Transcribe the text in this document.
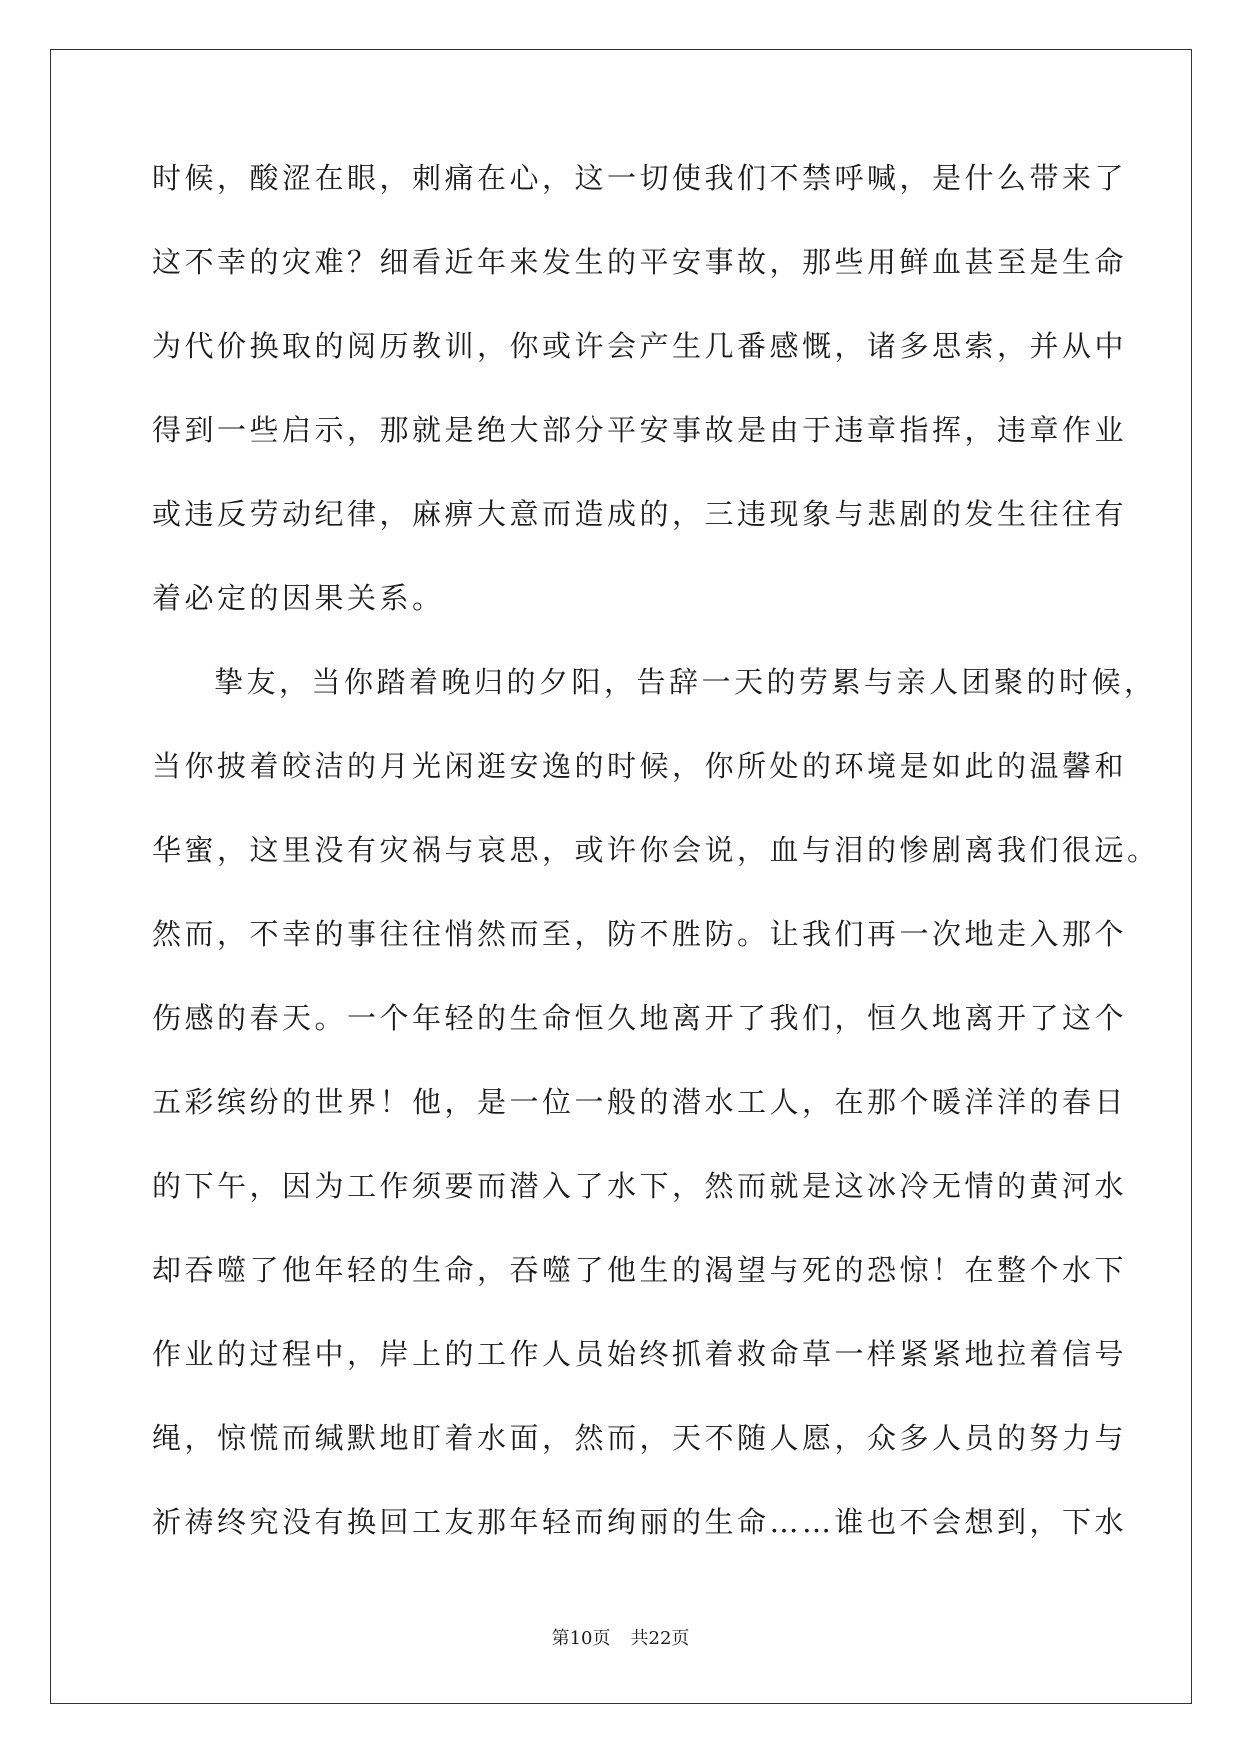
时候，酸涩在眼，刺痛在心，这一切使我们不禁呼喊，是什么带来了
这不幸的灾难？细看近年来发生的平安事故，那些用鲜血甚至是生命
为代价换取的阅历教训，你或许会产生几番感慨，诸多思索，并从中
得到一些启示，那就是绝大部分平安事故是由于违章指挥，违章作业
或违反劳动纪律，麻痹大意而造成的，三违现象与悲剧的发生往往有
着必定的因果关系。
挚友，当你踏着晚归的夕阳，告辞一天的劳累与亲人团聚的时候，
当你披着皎洁的月光闲逛安逸的时候，你所处的环境是如此的温馨和
华蜜，这里没有灾祸与哀思，或许你会说，血与泪的惨剧离我们很远。
然而，不幸的事往往悄然而至，防不胜防。让我们再一次地走入那个
伤感的春天。一个年轻的生命恒久地离开了我们，恒久地离开了这个
五彩缤纷的世界！他，是一位一般的潜水工人，在那个暖洋洋的春日
的下午，因为工作须要而潜入了水下，然而就是这冰冷无情的黄河水
却吞噬了他年轻的生命，吞噬了他生的渴望与死的恐惊！在整个水下
作业的过程中，岸上的工作人员始终抓着救命草一样紧紧地拉着信号
绳，惊慌而缄默地盯着水面，然而，天不随人愿，众多人员的努力与
祈祷终究没有换回工友那年轻而绚丽的生命……谁也不会想到，下水
第10页 共22页
